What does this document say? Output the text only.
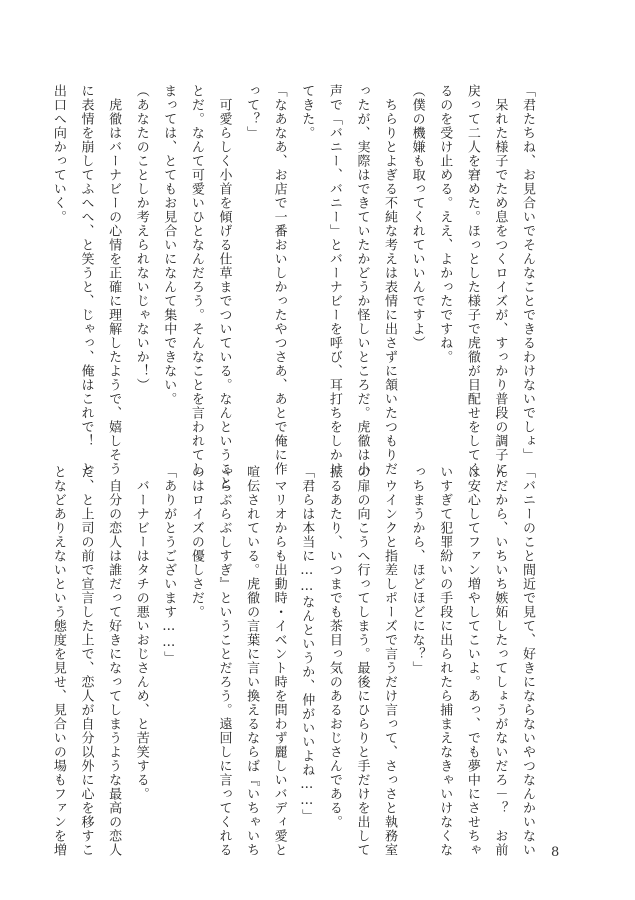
「君たちね、お見合いでそんなことできるわけないでしょ」
　呆れた様子でため息をつくロイズが、すっかり普段の調子に
戻って二人を窘めた。ほっとした様子で虎徹が目配せをしてく
るのを受け止める。ええ、よかったですね。
（僕の機嫌も取ってくれていいんですよ）
　ちらりとよぎる不純な考えは表情に出さずに頷いたつもりだ
ったが、実際はできていたかどうか怪しいところだ。虎徹は小
声で「バニー、バニー」とバーナビーを呼び、耳打ちをしかけ
てきた。
「なあなあ、お店で一番おいしかったやつさあ、あとで俺に作
って？」
　可愛らしく小首を傾げる仕草までついている。なんということ
とだ。なんて可愛いひとなんだろう。そんなことを言われてし
まっては、とてもお見合いになんて集中できない。
（あなたのことしか考えられないじゃないか！）
　虎徹はバーナビーの心情を正確に理解したようで、嬉しそう
に表情を崩してふへへ、と笑うと、じゃっ、俺はこれで！　と
出口へ向かっていく。
「バニーのこと間近で見て、好きにならないやつなんかいない
んだから、いちいち嫉妬したってしょうがないだろ－？　お前
は安心してファン増やしてこいよ。あっ、でも夢中にさせちゃ
いすぎて犯罪紛いの手段に出られたら捕まえなきゃいけなくな
っちまうから、ほどほどにな？」
　ウインクと指差しポーズで言うだけ言って、さっさと執務室
の扉の向こうへ行ってしまう。最後にひらりと手だけを出して
振るあたり、いつまでも茶目っ気のあるおじさんである。
「君らは本当に……なんというか、仲がいいよね……」
　マリオからも出動時・イベント時を問わず麗しいバディ愛と
喧伝されている。虎徹の言葉に言い換えるならば『いちゃいち
ゃらぶらぶしすぎ』ということだろう。遠回しに言ってくれる
のはロイズの優しさだ。
「ありがとうございます……」
　バーナビーはタチの悪いおじさんめ、と苦笑する。
　自分の恋人は誰だって好きになってしまうような最高の恋人
だ、と上司の前で宣言した上で、恋人が自分以外に心を移すこ
となどありえないという態度を見せ、見合いの場もファンを増	8
